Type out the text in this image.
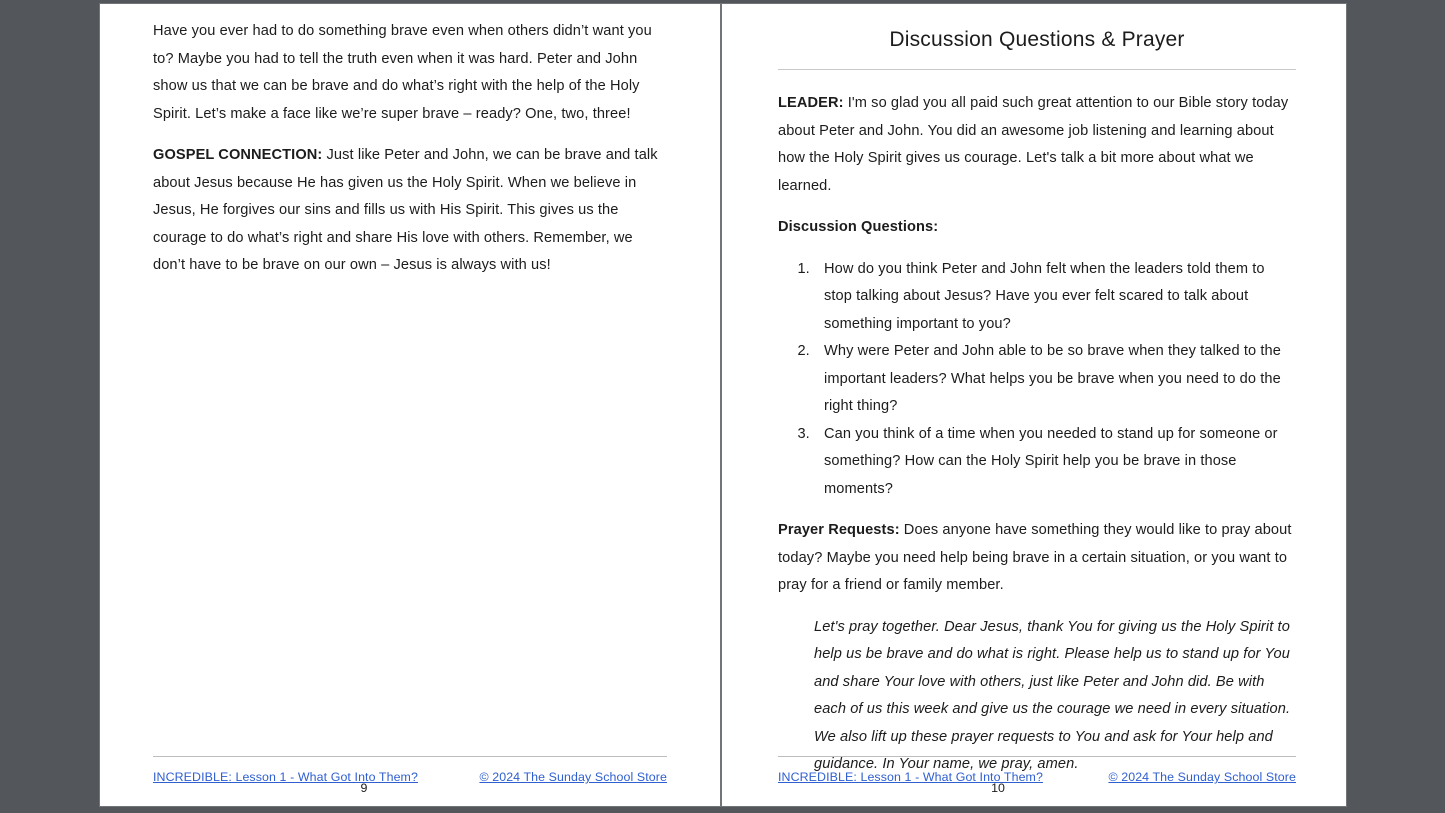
Have you ever had to do something brave even when others didn’t want you to? Maybe you had to tell the truth even when it was hard. Peter and John show us that we can be brave and do what’s right with the help of the Holy Spirit. Let’s make a face like we’re super brave – ready? One, two, three!

GOSPEL CONNECTION: Just like Peter and John, we can be brave and talk about Jesus because He has given us the Holy Spirit. When we believe in Jesus, He forgives our sins and fills us with His Spirit. This gives us the courage to do what’s right and share His love with others. Remember, we don’t have to be brave on our own – Jesus is always with us!

INCREDIBLE: Lesson 1 - What Got Into Them?	© 2024 The Sunday School Store
9
Discussion Questions & Prayer

LEADER: I'm so glad you all paid such great attention to our Bible story today about Peter and John. You did an awesome job listening and learning about how the Holy Spirit gives us courage. Let's talk a bit more about what we learned.

Discussion Questions:

1. How do you think Peter and John felt when the leaders told them to stop talking about Jesus? Have you ever felt scared to talk about something important to you?
2. Why were Peter and John able to be so brave when they talked to the important leaders? What helps you be brave when you need to do the right thing?
3. Can you think of a time when you needed to stand up for someone or something? How can the Holy Spirit help you be brave in those moments?

Prayer Requests: Does anyone have something they would like to pray about today? Maybe you need help being brave in a certain situation, or you want to pray for a friend or family member.

Let's pray together. Dear Jesus, thank You for giving us the Holy Spirit to help us be brave and do what is right. Please help us to stand up for You and share Your love with others, just like Peter and John did. Be with each of us this week and give us the courage we need in every situation. We also lift up these prayer requests to You and ask for Your help and guidance. In Your name, we pray, amen.

INCREDIBLE: Lesson 1 - What Got Into Them?	© 2024 The Sunday School Store
10
